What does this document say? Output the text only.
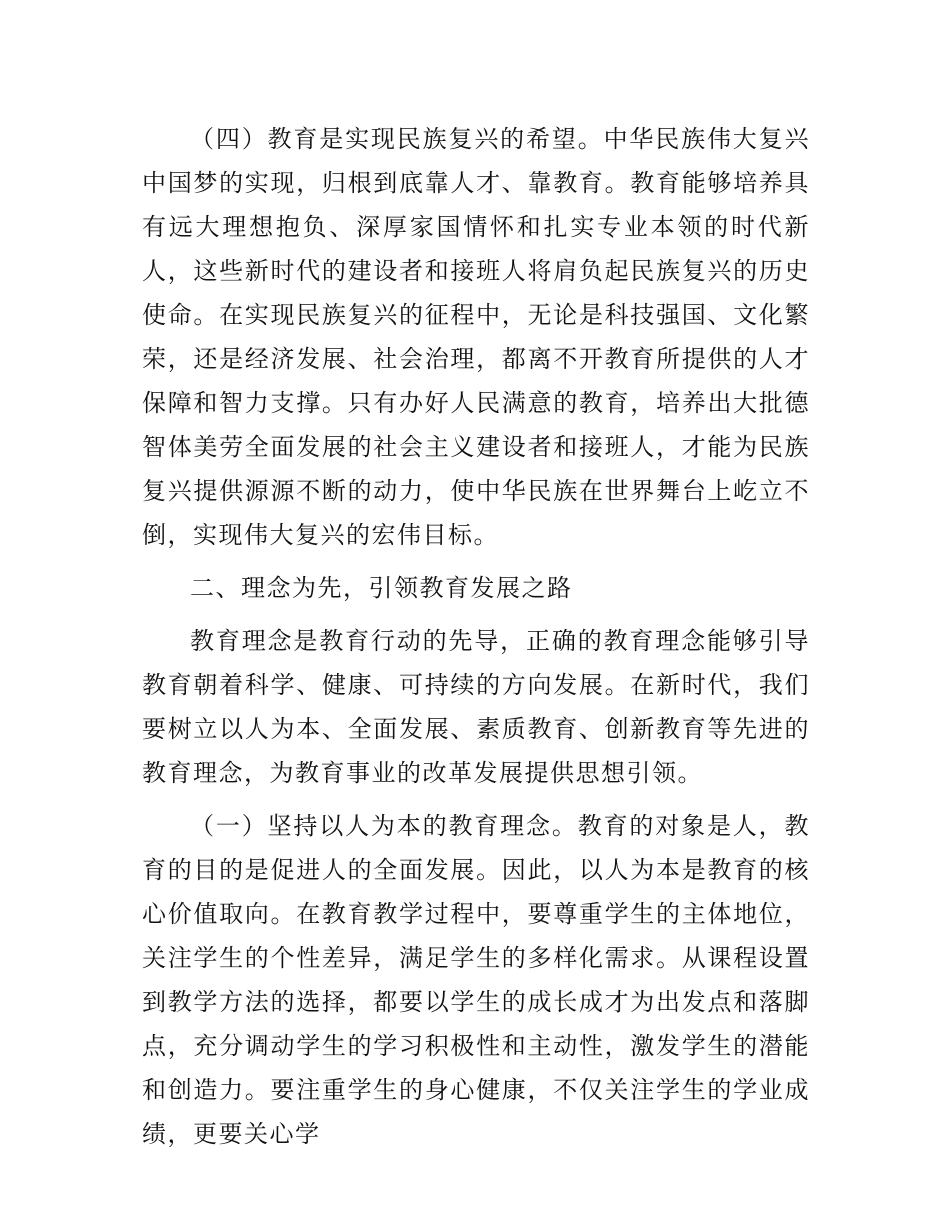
（四）教育是实现民族复兴的希望。中华民族伟大复兴中国梦的实现，归根到底靠人才、靠教育。教育能够培养具有远大理想抱负、深厚家国情怀和扎实专业本领的时代新人，这些新时代的建设者和接班人将肩负起民族复兴的历史使命。在实现民族复兴的征程中，无论是科技强国、文化繁荣，还是经济发展、社会治理，都离不开教育所提供的人才保障和智力支撑。只有办好人民满意的教育，培养出大批德智体美劳全面发展的社会主义建设者和接班人，才能为民族复兴提供源源不断的动力，使中华民族在世界舞台上屹立不倒，实现伟大复兴的宏伟目标。

二、理念为先，引领教育发展之路

教育理念是教育行动的先导，正确的教育理念能够引导教育朝着科学、健康、可持续的方向发展。在新时代，我们要树立以人为本、全面发展、素质教育、创新教育等先进的教育理念，为教育事业的改革发展提供思想引领。

（一）坚持以人为本的教育理念。教育的对象是人，教育的目的是促进人的全面发展。因此，以人为本是教育的核心价值取向。在教育教学过程中，要尊重学生的主体地位，关注学生的个性差异，满足学生的多样化需求。从课程设置到教学方法的选择，都要以学生的成长成才为出发点和落脚点，充分调动学生的学习积极性和主动性，激发学生的潜能和创造力。要注重学生的身心健康，不仅关注学生的学业成绩，更要关心学
